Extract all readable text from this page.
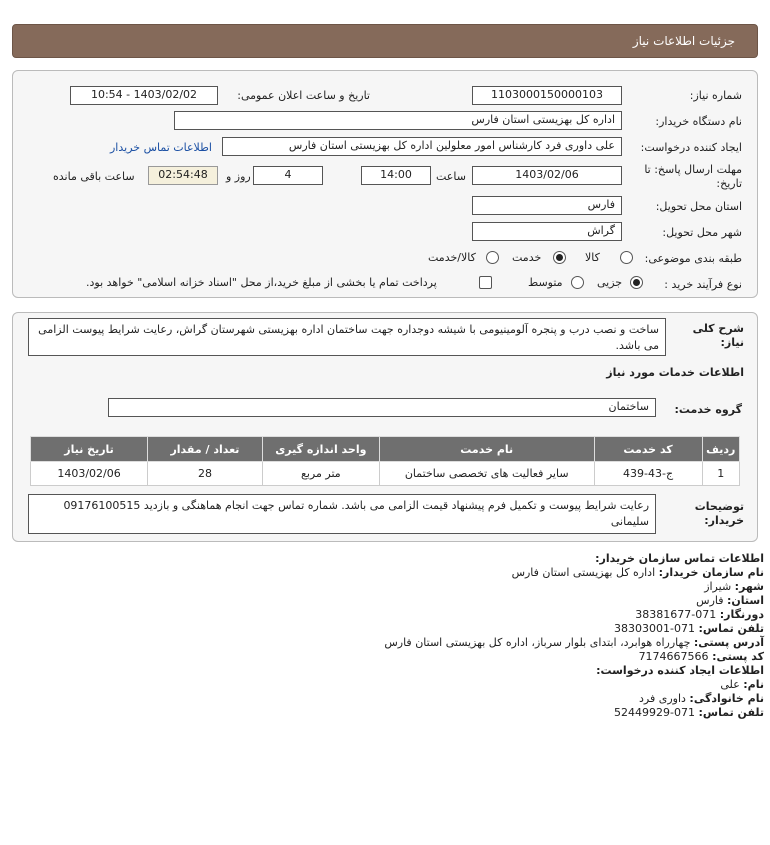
جزئیات اطلاعات نیاز
شماره نیاز:
1103000150000103
تاریخ و ساعت اعلان عمومی:
1403/02/02 - 10:54
نام دستگاه خریدار:
اداره کل بهزیستی استان فارس
ایجاد کننده درخواست:
علی داوری فرد کارشناس امور معلولین اداره کل بهزیستی استان فارس
اطلاعات تماس خریدار
مهلت ارسال پاسخ: تا
تاریخ:
1403/02/06
ساعت
14:00
4
روز و
02:54:48
ساعت باقی مانده
استان محل تحویل:
فارس
شهر محل تحویل:
گراش
طبقه بندی موضوعی:
کالا
خدمت
کالا/خدمت
نوع فرآیند خرید :
جزیی
متوسط
پرداخت تمام یا بخشی از مبلغ خرید،از محل "اسناد خزانه اسلامی" خواهد بود.
شرح کلی
نیاز:
ساخت و نصب درب و پنجره آلومینیومی با شیشه دوجداره جهت ساختمان اداره بهزیستی شهرستان گراش، رعایت شرایط پیوست الزامی می باشد.
اطلاعات خدمات مورد نیاز
گروه خدمت:
ساختمان
ردیف	کد خدمت	نام خدمت	واحد اندازه گیری	تعداد / مقدار	تاریخ نیاز
1	ج-43-439	سایر فعالیت های تخصصی ساختمان	متر مربع	28	1403/02/06
توضیحات
خریدار:
رعایت شرایط پیوست و تکمیل فرم پیشنهاد قیمت الزامی می باشد. شماره تماس جهت انجام هماهنگی و بازدید 09176100515 سلیمانی
اطلاعات تماس سازمان خریدار:
نام سازمان خریدار: اداره کل بهزیستی استان فارس
شهر: شیراز
استان: فارس
دورنگار: 071-38381677
تلفن تماس: 071-38303001
آدرس پستی: چهارراه هوابرد، ابتدای بلوار سرباز، اداره کل بهزیستی استان فارس
کد پستی: 7174667566
اطلاعات ایجاد کننده درخواست:
نام: علی
نام خانوادگی: داوری فرد
تلفن تماس: 071-52449929
